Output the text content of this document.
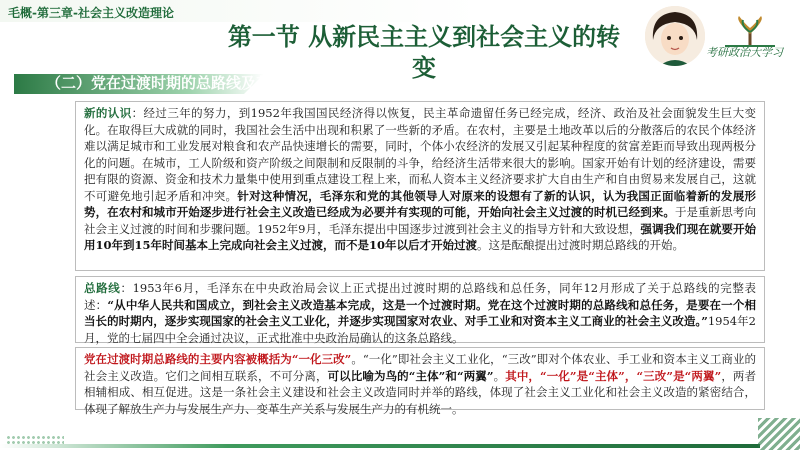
毛概-第三章-社会主义改造理论
第一节 从新民主主义到社会主义的转变
（二）党在过渡时期的总路线及其依据
考研政治大学习
新的认识：经过三年的努力，到1952年我国国民经济得以恢复，民主革命遗留任务已经完成，经济、政治及社会面貌发生巨大变化。在取得巨大成就的同时，我国社会生活中出现和积累了一些新的矛盾。在农村，主要是土地改革以后的分散落后的农民个体经济难以满足城市和工业发展对粮食和农产品快速增长的需要，同时，个体小农经济的发展又引起某种程度的贫富差距而导致出现两极分化的问题。在城市，工人阶级和资产阶级之间限制和反限制的斗争，给经济生活带来很大的影响。国家开始有计划的经济建设，需要把有限的资源、资金和技术力量集中使用到重点建设工程上来，而私人资本主义经济要求扩大自由生产和自由贸易来发展自己，这就不可避免地引起矛盾和冲突。针对这种情况，毛泽东和党的其他领导人对原来的设想有了新的认识，认为我国正面临着新的发展形势，在农村和城市开始逐步进行社会主义改造已经成为必要并有实现的可能，开始向社会主义过渡的时机已经到来。于是重新思考向社会主义过渡的时间和步骤问题。1952年9月，毛泽东提出中国逐步过渡到社会主义的指导方针和大致设想，强调我们现在就要开始用10年到15年时间基本上完成向社会主义过渡，而不是10年以后才开始过渡。这是酝酿提出过渡时期总路线的开始。
总路线：1953年6月，毛泽东在中央政治局会议上正式提出过渡时期的总路线和总任务，同年12月形成了关于总路线的完整表述：“从中华人民共和国成立，到社会主义改造基本完成，这是一个过渡时期。党在这个过渡时期的总路线和总任务，是要在一个相当长的时期内，逐步实现国家的社会主义工业化，并逐步实现国家对农业、对手工业和对资本主义工商业的社会主义改造。”1954年2月，党的七届四中全会通过决议，正式批准中央政治局确认的这条总路线。
党在过渡时期总路线的主要内容被概括为“一化三改”。“一化”即社会主义工业化，“三改”即对个体农业、手工业和资本主义工商业的社会主义改造。它们之间相互联系，不可分离，可以比喻为鸟的“主体”和“两翼”。其中，“一化”是“主体”，“三改”是“两翼”，两者相辅相成、相互促进。这是一条社会主义建设和社会主义改造同时并举的路线，体现了社会主义工业化和社会主义改造的紧密结合，体现了解放生产力与发展生产力、变革生产关系与发展生产力的有机统一。
